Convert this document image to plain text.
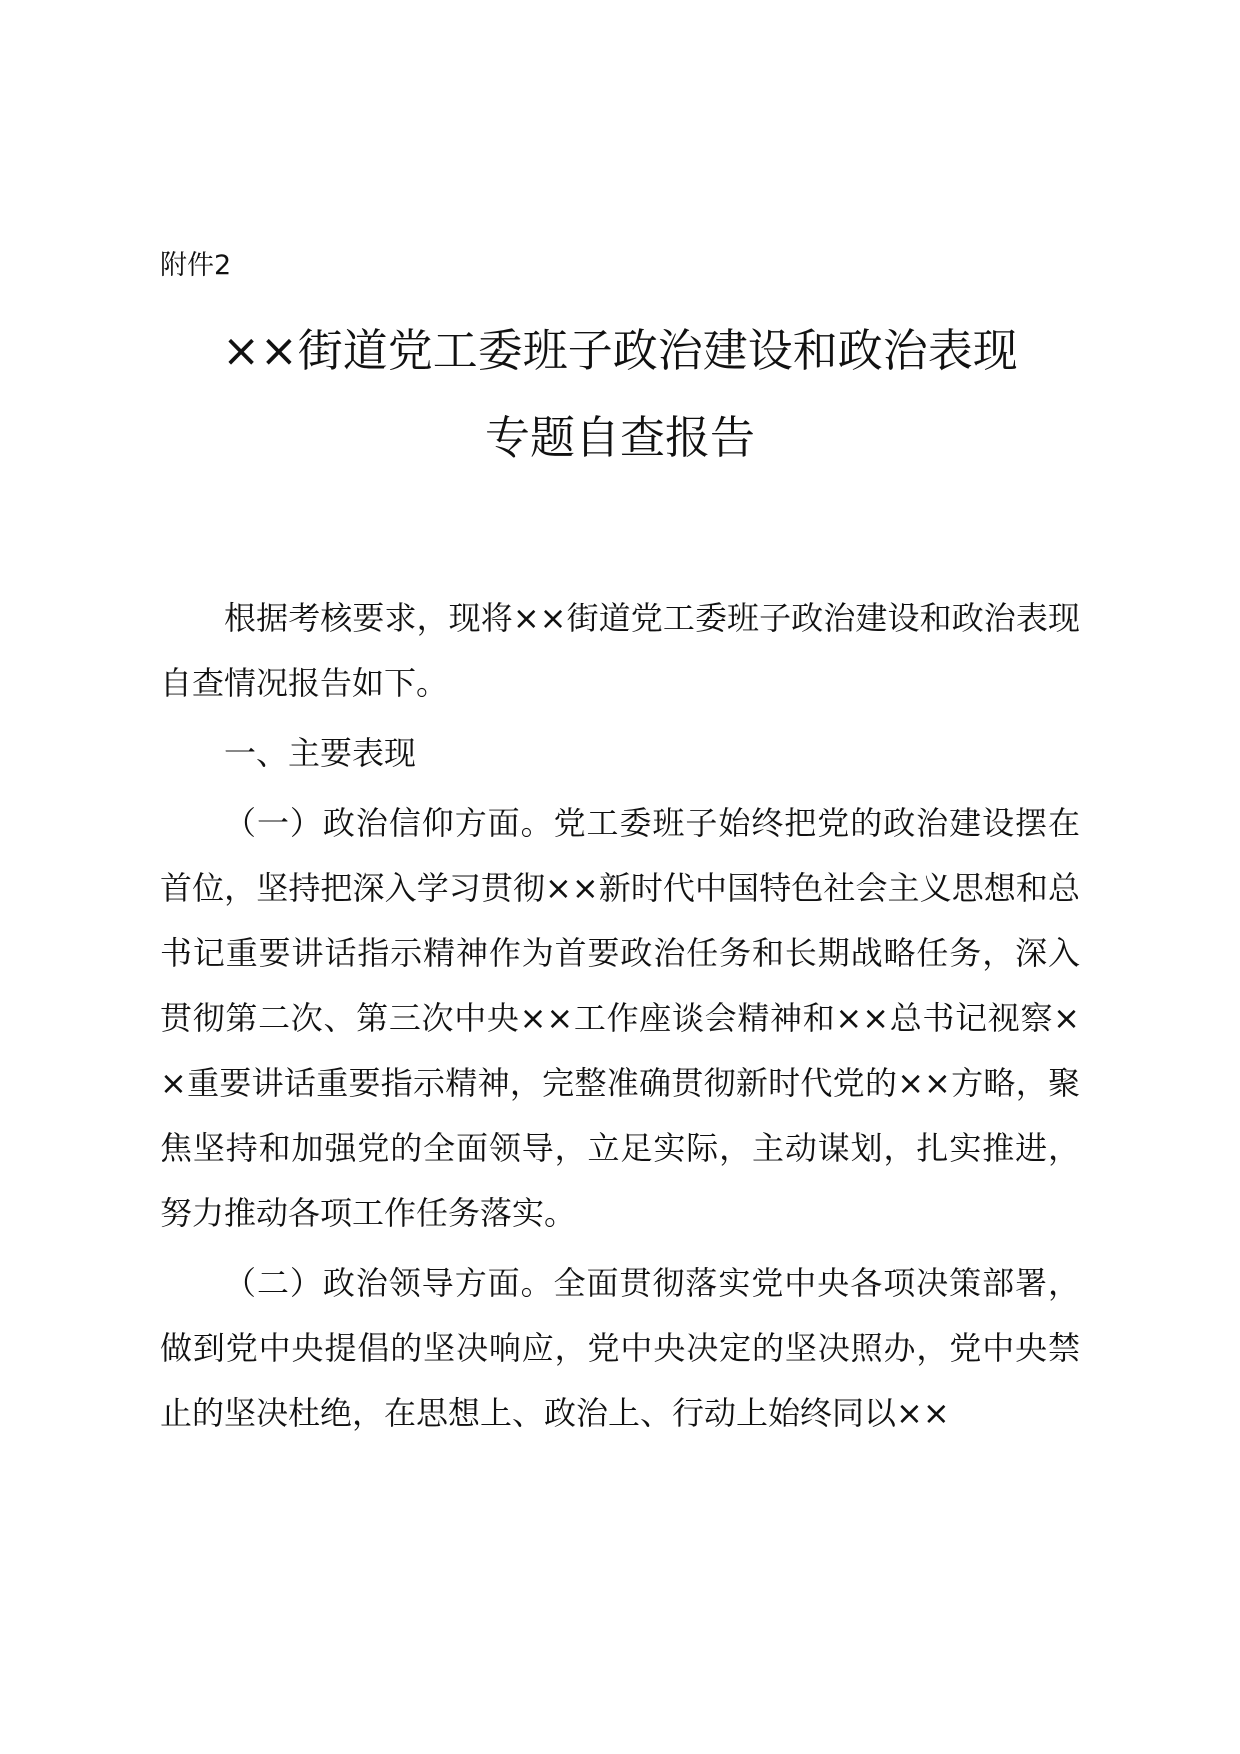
附件2
××街道党工委班子政治建设和政治表现
专题自查报告

根据考核要求，现将××街道党工委班子政治建设和政治表现自查情况报告如下。

一、主要表现

（一）政治信仰方面。党工委班子始终把党的政治建设摆在首位，坚持把深入学习贯彻××新时代中国特色社会主义思想和总书记重要讲话指示精神作为首要政治任务和长期战略任务，深入贯彻第二次、第三次中央××工作座谈会精神和××总书记视察××重要讲话重要指示精神，完整准确贯彻新时代党的××方略，聚焦坚持和加强党的全面领导，立足实际，主动谋划，扎实推进，努力推动各项工作任务落实。

（二）政治领导方面。全面贯彻落实党中央各项决策部署，做到党中央提倡的坚决响应，党中央决定的坚决照办，党中央禁止的坚决杜绝，在思想上、政治上、行动上始终同以××
